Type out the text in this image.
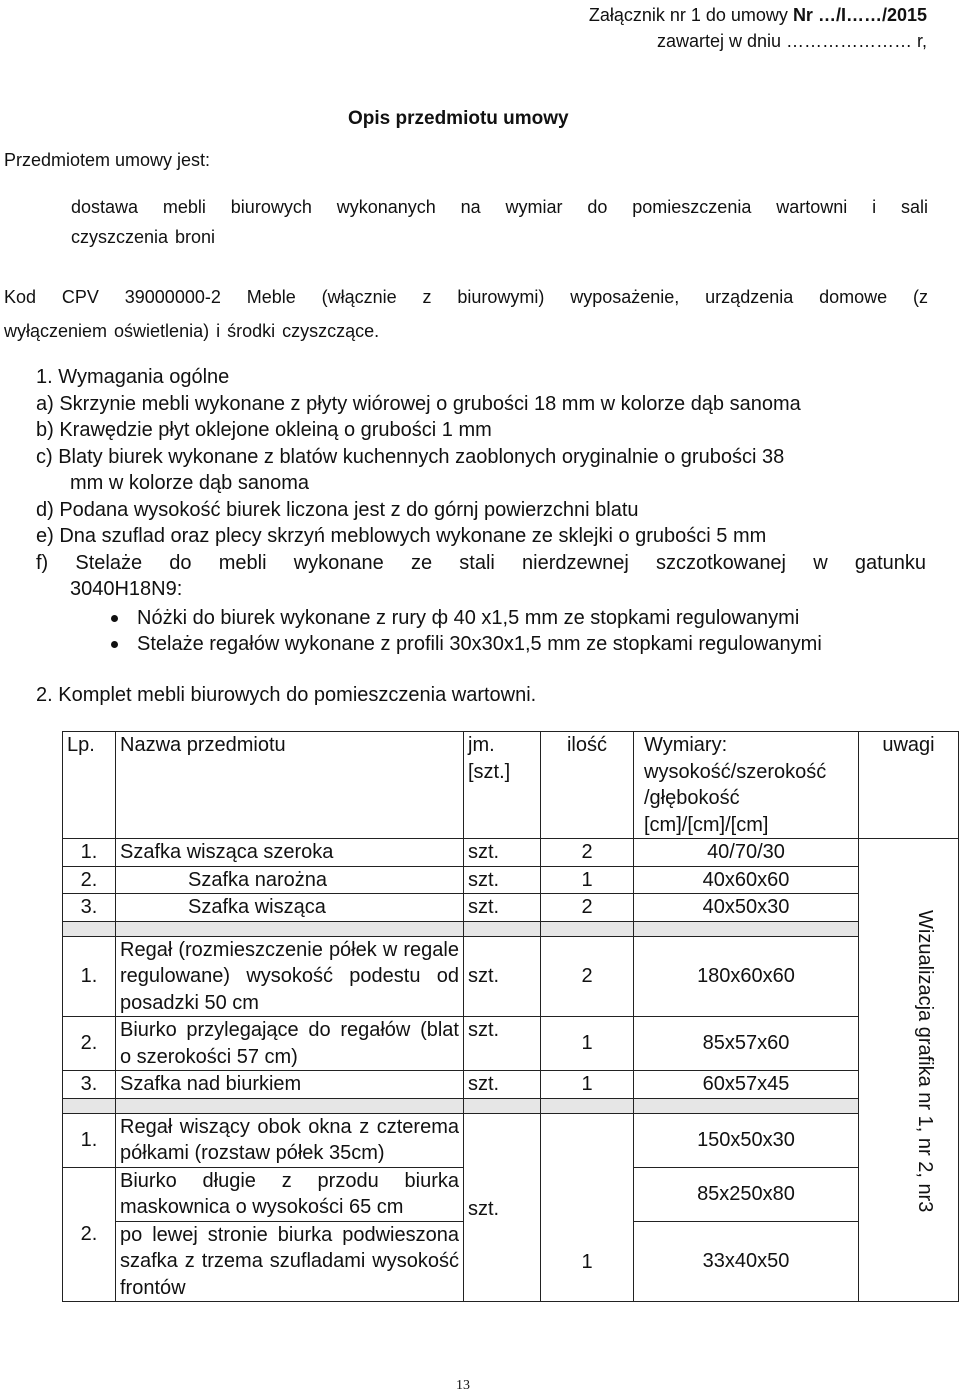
Załącznik nr 1 do umowy Nr …/I……/2015
zawartej w dniu ………………… r,
Opis przedmiotu umowy
Przedmiotem umowy jest:
dostawa mebli biurowych wykonanych na wymiar do pomieszczenia wartowni i sali
czyszczenia broni
Kod CPV 39000000-2 Meble (włącznie z biurowymi) wyposażenie, urządzenia domowe (z
wyłączeniem oświetlenia) i środki czyszczące.
1. Wymagania ogólne
a) Skrzynie mebli wykonane z płyty wiórowej o grubości 18 mm w kolorze dąb sanoma
b) Krawędzie płyt oklejone okleiną o grubości 1 mm
c) Blaty biurek wykonane z blatów kuchennych zaoblonych oryginalnie o grubości 38
mm w kolorze dąb sanoma
d) Podana wysokość biurek liczona jest z do górnj powierzchni blatu
e) Dna szuflad oraz plecy skrzyń meblowych wykonane ze sklejki o grubości 5 mm
f) Stelaże do mebli wykonane ze stali nierdzewnej szczotkowanej w gatunku
3040H18N9:
Nóżki do biurek wykonane z rury ф 40 x1,5 mm ze stopkami regulowanymi
Stelaże regałów wykonane z profili 30x30x1,5 mm ze stopkami regulowanymi
2. Komplet mebli biurowych do pomieszczenia wartowni.
Lp.	Nazwa przedmiotu	jm. [szt.]	ilość	Wymiary: wysokość/szerokość /głębokość [cm]/[cm]/[cm]	uwagi
1.	Szafka wisząca szeroka	szt.	2	40/70/30	
2.	Szafka narożna	szt.	1	40x60x60	
3.	Szafka wisząca	szt.	2	40x50x30	

1.	Regał (rozmieszczenie półek w regale regulowane) wysokość podestu od posadzki 50 cm	szt.	2	180x60x60	
2.	Biurko przylegające do regałów (blat o szerokości 57 cm)	szt.	1	85x57x60	
3.	Szafka nad biurkiem	szt.	1	60x57x45	

1.	Regał wiszący obok okna z czterema półkami (rozstaw półek 35cm)	szt.	1	150x50x30	
2.	Biurko długie z przodu biurka maskownica o wysokości 65 cm			85x250x80	
	po lewej stronie biurka podwieszona szafka z trzema szufladami wysokość frontów			33x40x50	
Wizualizacja grafika nr 1, nr 2, nr3
13
